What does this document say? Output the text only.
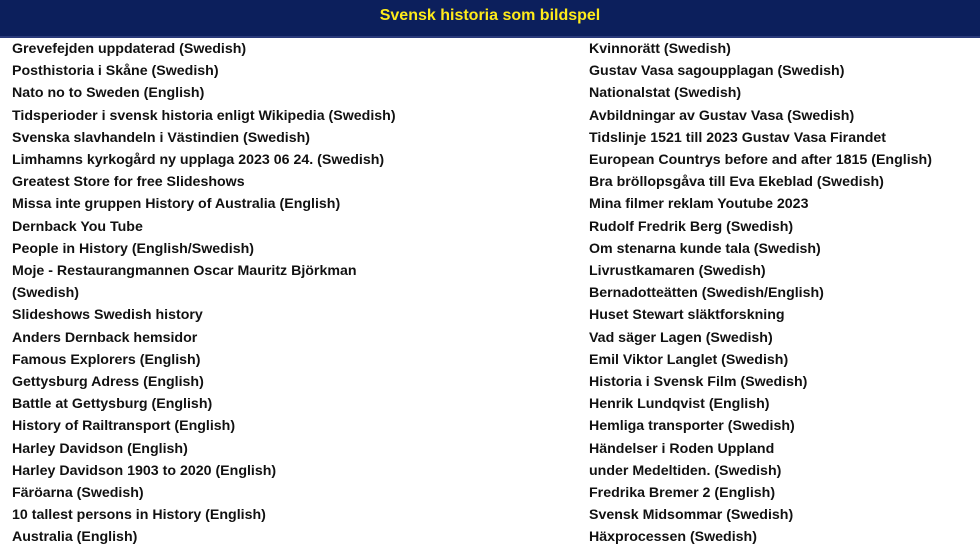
Svensk historia som bildspel
Grevefejden uppdaterad (Swedish)
Posthistoria i Skåne (Swedish)
Nato no to Sweden (English)
Tidsperioder i svensk historia enligt Wikipedia (Swedish)
Svenska slavhandeln i Västindien (Swedish)
Limhamns kyrkogård ny upplaga 2023 06 24. (Swedish)
Greatest Store for free Slideshows
Missa inte gruppen History of Australia (English)
Dernback You Tube
People in History (English/Swedish)
Moje - Restaurangmannen Oscar Mauritz Björkman
(Swedish)
Slideshows Swedish history
Anders Dernback hemsidor
Famous Explorers (English)
Gettysburg Adress (English)
Battle at Gettysburg (English)
History of Railtransport (English)
Harley Davidson (English)
Harley Davidson 1903 to 2020 (English)
Färöarna (Swedish)
10 tallest persons in History (English)
Australia (English)
Kvinnorätt (Swedish)
Gustav Vasa sagoupplagan (Swedish)
Nationalstat (Swedish)
Avbildningar av Gustav Vasa (Swedish)
Tidslinje 1521 till 2023 Gustav Vasa Firandet
European Countrys before and after 1815 (English)
Bra bröllopsgåva till Eva Ekeblad (Swedish)
Mina filmer reklam Youtube 2023
Rudolf Fredrik Berg (Swedish)
Om stenarna kunde tala (Swedish)
Livrustkamaren (Swedish)
Bernadotteätten (Swedish/English)
Huset Stewart släktforskning
Vad säger Lagen (Swedish)
Emil Viktor Langlet (Swedish)
Historia i Svensk Film (Swedish)
Henrik Lundqvist (English)
Hemliga transporter (Swedish)
Händelser i Roden Uppland
under Medeltiden. (Swedish)
Fredrika Bremer 2 (English)
Svensk Midsommar (Swedish)
Häxprocessen (Swedish)
